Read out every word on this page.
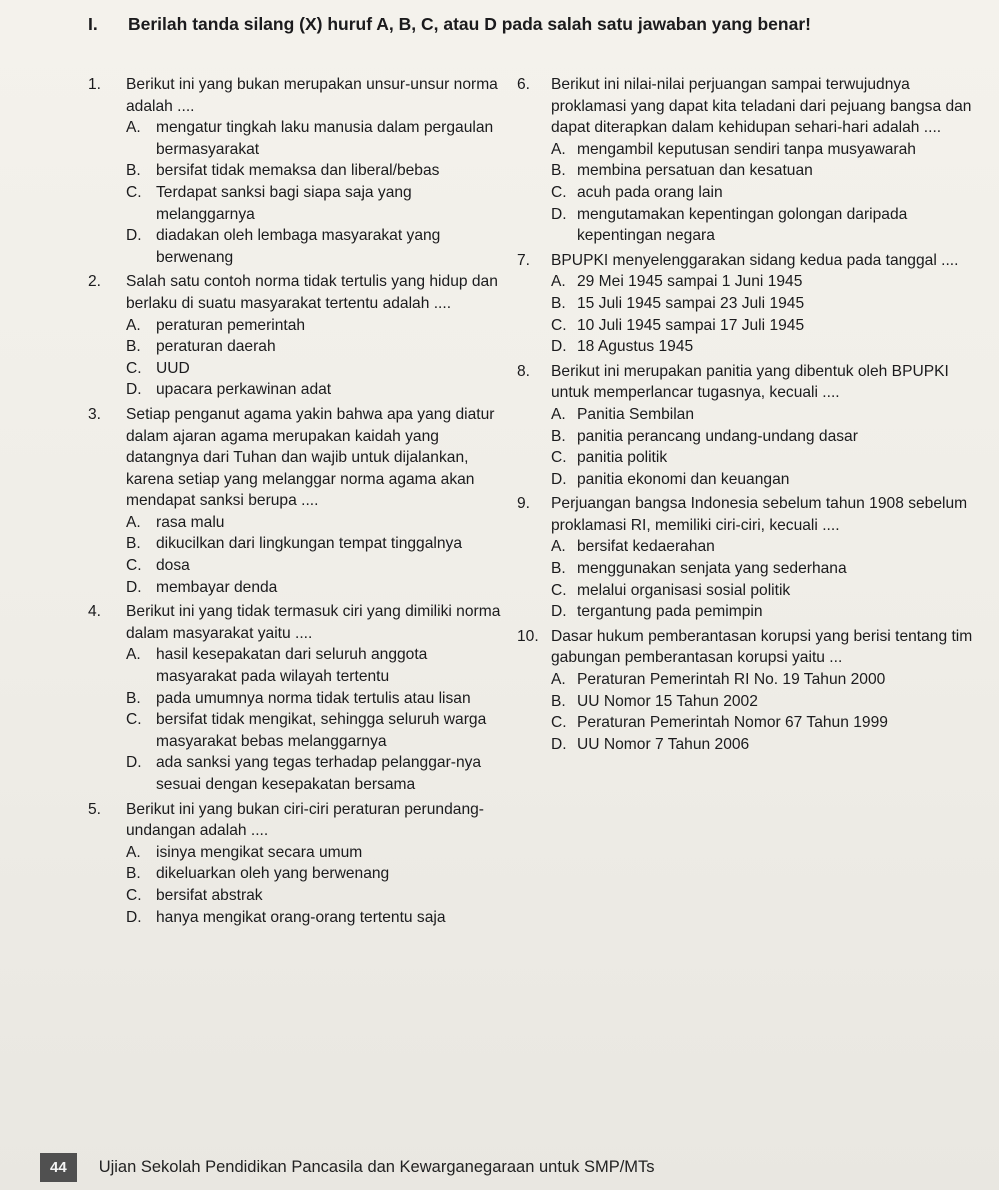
I. Berilah tanda silang (X) huruf A, B, C, atau D pada salah satu jawaban yang benar!
1. Berikut ini yang bukan merupakan unsur-unsur norma adalah ....
A. mengatur tingkah laku manusia dalam pergaulan bermasyarakat
B. bersifat tidak memaksa dan liberal/bebas
C. Terdapat sanksi bagi siapa saja yang melanggarnya
D. diadakan oleh lembaga masyarakat yang berwenang
2. Salah satu contoh norma tidak tertulis yang hidup dan berlaku di suatu masyarakat tertentu adalah ....
A. peraturan pemerintah
B. peraturan daerah
C. UUD
D. upacara perkawinan adat
3. Setiap penganut agama yakin bahwa apa yang diatur dalam ajaran agama merupakan kaidah yang datangnya dari Tuhan dan wajib untuk dijalankan, karena setiap yang melanggar norma agama akan mendapat sanksi berupa ....
A. rasa malu
B. dikucilkan dari lingkungan tempat tinggalnya
C. dosa
D. membayar denda
4. Berikut ini yang tidak termasuk ciri yang dimiliki norma dalam masyarakat yaitu ....
A. hasil kesepakatan dari seluruh anggota masyarakat pada wilayah tertentu
B. pada umumnya norma tidak tertulis atau lisan
C. bersifat tidak mengikat, sehingga seluruh warga masyarakat bebas melanggarnya
D. ada sanksi yang tegas terhadap pelanggar-nya sesuai dengan kesepakatan bersama
5. Berikut ini yang bukan ciri-ciri peraturan perundang-undangan adalah ....
A. isinya mengikat secara umum
B. dikeluarkan oleh yang berwenang
C. bersifat abstrak
D. hanya mengikat orang-orang tertentu saja
6. Berikut ini nilai-nilai perjuangan sampai terwujudnya proklamasi yang dapat kita teladani dari pejuang bangsa dan dapat diterapkan dalam kehidupan sehari-hari adalah ....
A. mengambil keputusan sendiri tanpa musyawarah
B. membina persatuan dan kesatuan
C. acuh pada orang lain
D. mengutamakan kepentingan golongan daripada kepentingan negara
7. BPUPKI menyelenggarakan sidang kedua pada tanggal ....
A. 29 Mei 1945 sampai 1 Juni 1945
B. 15 Juli 1945 sampai 23 Juli 1945
C. 10 Juli 1945 sampai 17 Juli 1945
D. 18 Agustus 1945
8. Berikut ini merupakan panitia yang dibentuk oleh BPUPKI untuk memperlancar tugasnya, kecuali ....
A. Panitia Sembilan
B. panitia perancang undang-undang dasar
C. panitia politik
D. panitia ekonomi dan keuangan
9. Perjuangan bangsa Indonesia sebelum tahun 1908 sebelum proklamasi RI, memiliki ciri-ciri, kecuali ....
A. bersifat kedaerahan
B. menggunakan senjata yang sederhana
C. melalui organisasi sosial politik
D. tergantung pada pemimpin
10. Dasar hukum pemberantasan korupsi yang berisi tentang tim gabungan pemberantasan korupsi yaitu ...
A. Peraturan Pemerintah RI No. 19 Tahun 2000
B. UU Nomor 15 Tahun 2002
C. Peraturan Pemerintah Nomor 67 Tahun 1999
D. UU Nomor 7 Tahun 2006
44	Ujian Sekolah Pendidikan Pancasila dan Kewarganegaraan untuk SMP/MTs
